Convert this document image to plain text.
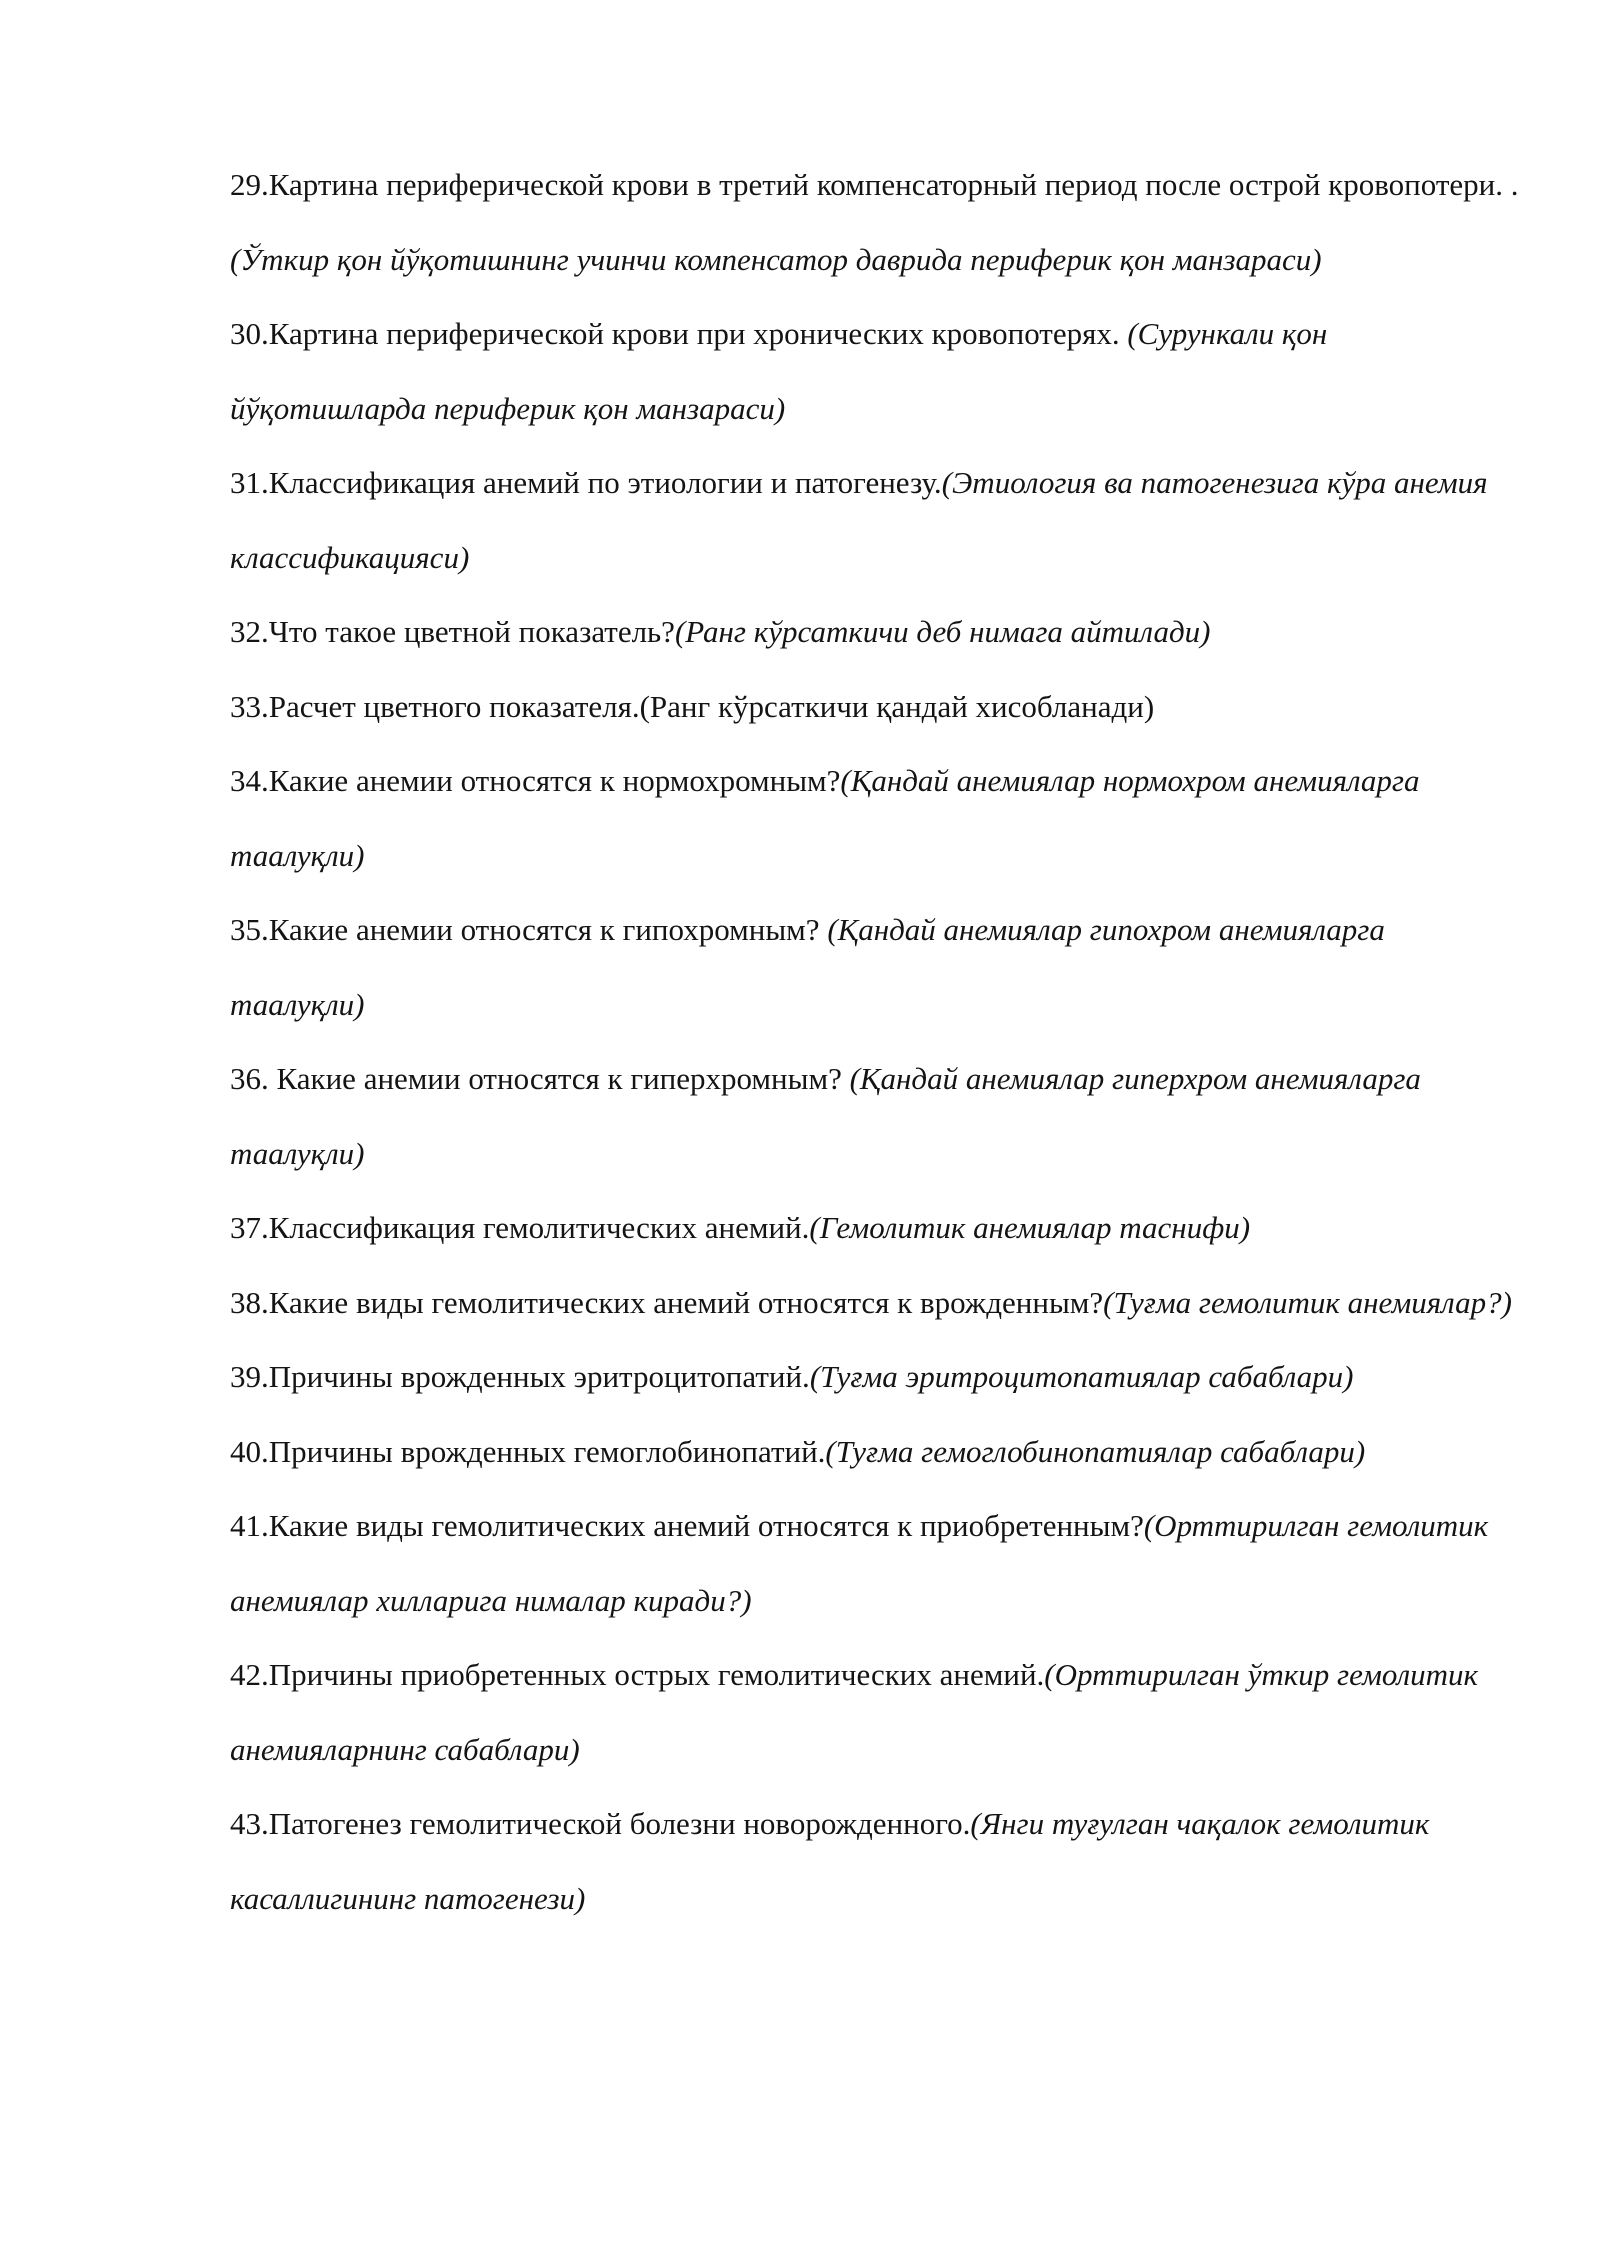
29.Картина периферической крови в третий компенсаторный период после острой кровопотери. .(Ўткир қон йўқотишнинг учинчи компенсатор даврида периферик қон манзараси)

30.Картина периферической крови при хронических кровопотерях. (Сурункали қон йўқотишларда периферик қон манзараси)

31.Классификация анемий по этиологии и патогенезу.(Этиология ва патогенезига кўра анемия классификацияси)

32.Что такое цветной показатель?(Ранг кўрсаткичи деб нимага айтилади)

33.Расчет цветного показателя.(Ранг кўрсаткичи қандай хисобланади)

34.Какие анемии относятся к нормохромным?(Қандай анемиялар нормохром анемияларга таалуқли)

35.Какие анемии относятся к гипохромным? (Қандай анемиялар гипохром анемияларга таалуқли)

36. Какие анемии относятся к гиперхромным? (Қандай анемиялар гиперхром анемияларга таалуқли)

37.Классификация гемолитических анемий.(Гемолитик анемиялар таснифи)

38.Какие виды гемолитических анемий относятся к врожденным?(Туғма гемолитик анемиялар?)

39.Причины врожденных эритроцитопатий.(Туғма эритроцитопатиялар сабаблари)

40.Причины врожденных гемоглобинопатий.(Туғма гемоглобинопатиялар сабаблари)

41.Какие виды гемолитических анемий относятся к приобретенным?(Орттирилган гемолитик анемиялар хилларига нималар киради?)

42.Причины приобретенных острых гемолитических анемий.(Орттирилган ўткир гемолитик анемияларнинг сабаблари)

43.Патогенез гемолитической болезни новорожденного.(Янги туғулган чақалок гемолитик касаллигининг патогенези)
